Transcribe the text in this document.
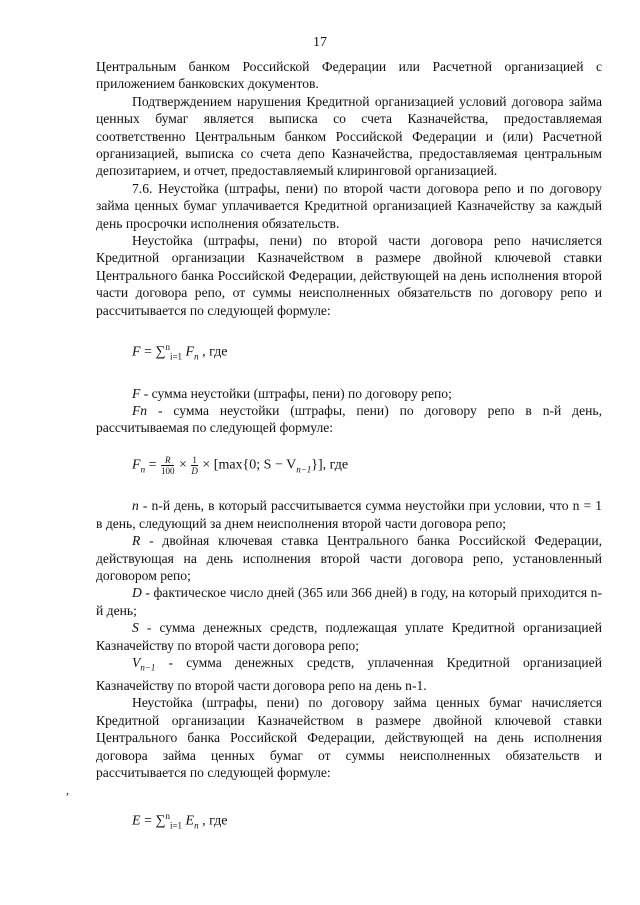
17

Центральным банком Российской Федерации или Расчетной организацией с приложением банковских документов.

Подтверждением нарушения Кредитной организацией условий договора займа ценных бумаг является выписка со счета Казначейства, предоставляемая соответственно Центральным банком Российской Федерации и (или) Расчетной организацией, выписка со счета депо Казначейства, предоставляемая центральным депозитарием, и отчет, предоставляемый клиринговой организацией.

7.6. Неустойка (штрафы, пени) по второй части договора репо и по договору займа ценных бумаг уплачивается Кредитной организацией Казначейству за каждый день просрочки исполнения обязательств.

Неустойка (штрафы, пени) по второй части договора репо начисляется Кредитной организации Казначейством в размере двойной ключевой ставки Центрального банка Российской Федерации, действующей на день исполнения второй части договора репо, от суммы неисполненных обязательств по договору репо и рассчитывается по следующей формуле:

F = ∑$^n_{i=1}$ $F_n$ , где

F - сумма неустойки (штрафы, пени) по договору репо;

Fn - сумма неустойки (штрафы, пени) по договору репо в n-й день, рассчитываемая по следующей формуле:

$F_n = \frac{R}{100} \times \frac{1}{D} \times [\max\{0$; $S - V_{n-1}$}], где

n - n-й день, в который рассчитывается сумма неустойки при условии, что n = 1 в день, следующий за днем неисполнения второй части договора репо;

R - двойная ключевая ставка Центрального банка Российской Федерации, действующая на день исполнения второй части договора репо, установленный договором репо;

D - фактическое число дней (365 или 366 дней) в году, на который приходится n-й день;

S - сумма денежных средств, подлежащая уплате Кредитной организацией Казначейству по второй части договора репо;

$V_{n-1}$ - сумма денежных средств, уплаченная Кредитной организацией Казначейству по второй части договора репо на день n-1.

Неустойка (штрафы, пени) по договору займа ценных бумаг начисляется Кредитной организации Казначейством в размере двойной ключевой ставки Центрального банка Российской Федерации, действующей на день исполнения договора займа ценных бумаг от суммы неисполненных обязательств и рассчитывается по следующей формуле:

E = ∑$^n_{i=1}$ $E_n$ , где
,
